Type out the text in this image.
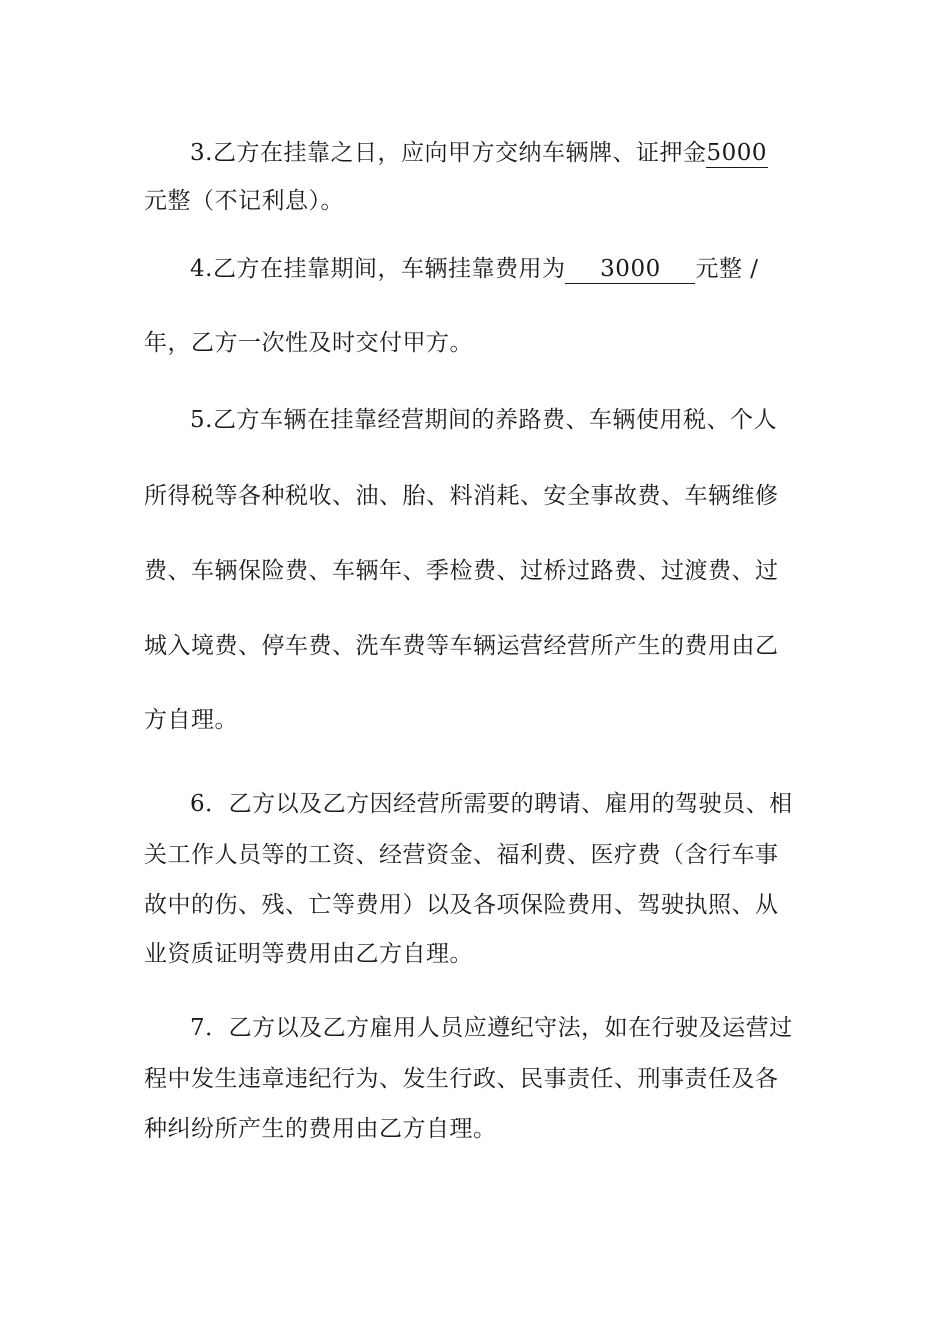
3.乙方在挂靠之日，应向甲方交纳车辆牌、证押金5000
元整（不记利息）。
4.乙方在挂靠期间，车辆挂靠费用为 3000 元整 /
年，乙方一次性及时交付甲方。
5.乙方车辆在挂靠经营期间的养路费、车辆使用税、个人
所得税等各种税收、油、胎、料消耗、安全事故费、车辆维修
费、车辆保险费、车辆年、季检费、过桥过路费、过渡费、过
城入境费、停车费、洗车费等车辆运营经营所产生的费用由乙
方自理。
6．乙方以及乙方因经营所需要的聘请、雇用的驾驶员、相
关工作人员等的工资、经营资金、福利费、医疗费（含行车事
故中的伤、残、亡等费用）以及各项保险费用、驾驶执照、从
业资质证明等费用由乙方自理。
7．乙方以及乙方雇用人员应遵纪守法，如在行驶及运营过
程中发生违章违纪行为、发生行政、民事责任、刑事责任及各
种纠纷所产生的费用由乙方自理。
